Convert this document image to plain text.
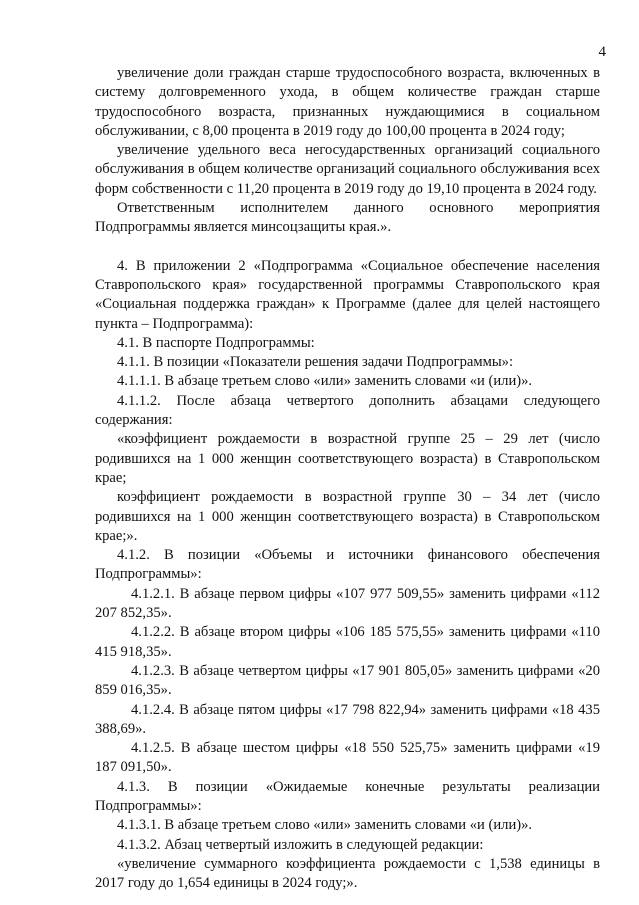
4

увеличение доли граждан старше трудоспособного возраста, включенных в систему долговременного ухода, в общем количестве граждан старше трудоспособного возраста, признанных нуждающимися в социальном обслуживании, с 8,00 процента в 2019 году до 100,00 процента в 2024 году;

увеличение удельного веса негосударственных организаций социального обслуживания в общем количестве организаций социального обслуживания всех форм собственности с 11,20 процента в 2019 году до 19,10 процента в 2024 году.

Ответственным исполнителем данного основного мероприятия Подпрограммы является минсоцзащиты края.».

4. В приложении 2 «Подпрограмма «Социальное обеспечение населения Ставропольского края» государственной программы Ставропольского края «Социальная поддержка граждан» к Программе (далее для целей настоящего пункта – Подпрограмма):

4.1. В паспорте Подпрограммы:

4.1.1. В позиции «Показатели решения задачи Подпрограммы»:

4.1.1.1. В абзаце третьем слово «или» заменить словами «и (или)».

4.1.1.2. После абзаца четвертого дополнить абзацами следующего содержания:

«коэффициент рождаемости в возрастной группе 25 – 29 лет (число родившихся на 1 000 женщин соответствующего возраста) в Ставропольском крае;

коэффициент рождаемости в возрастной группе 30 – 34 лет (число родившихся на 1 000 женщин соответствующего возраста) в Ставропольском крае;».

4.1.2. В позиции «Объемы и источники финансового обеспечения Подпрограммы»:

4.1.2.1. В абзаце первом цифры «107 977 509,55» заменить цифрами «112 207 852,35».

4.1.2.2. В абзаце втором цифры «106 185 575,55» заменить цифрами «110 415 918,35».

4.1.2.3. В абзаце четвертом цифры «17 901 805,05» заменить цифрами «20 859 016,35».

4.1.2.4. В абзаце пятом цифры «17 798 822,94» заменить цифрами «18 435 388,69».

4.1.2.5. В абзаце шестом цифры «18 550 525,75» заменить цифрами «19 187 091,50».

4.1.3. В позиции «Ожидаемые конечные результаты реализации Подпрограммы»:

4.1.3.1. В абзаце третьем слово «или» заменить словами «и (или)».

4.1.3.2. Абзац четвертый изложить в следующей редакции:

«увеличение суммарного коэффициента рождаемости с 1,538 единицы в 2017 году до 1,654 единицы в 2024 году;».
